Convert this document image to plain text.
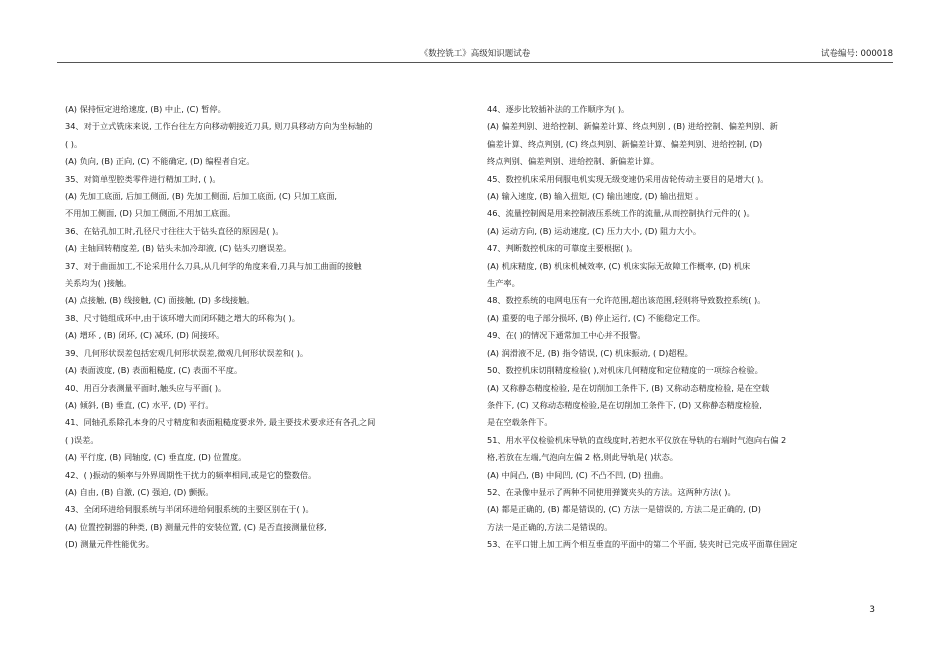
《数控铣工》高级知识题试卷	试卷编号: 000018
(A) 保持恒定进给速度, (B) 中止, (C) 暂停。
34、对于立式铣床来说, 工作台往左方向移动朝接近刀具, 则刀具移动方向为坐标轴的
( )。
(A) 负向, (B) 正向, (C) 不能确定, (D) 编程者自定。
35、对简单型腔类零件进行精加工时, ( )。
(A) 先加工底面, 后加工侧面, (B) 先加工侧面, 后加工底面, (C) 只加工底面,
不用加工侧面, (D) 只加工侧面,不用加工底面。
36、在钻孔加工时,孔径尺寸往往大于钻头直径的原因是( )。
(A) 主轴回转精度差, (B) 钻头未加冷却液, (C) 钻头刃磨误差。
37、对于曲面加工,不论采用什么刀具,从几何学的角度来看,刀具与加工曲面的接触
关系均为( )接触。
(A) 点接触, (B) 线接触, (C) 面接触, (D) 多线接触。
38、尺寸链组成环中,由于该环增大而闭环随之增大的环称为( )。
(A) 增环 , (B) 闭环, (C) 减环, (D) 间接环。
39、几何形状误差包括宏观几何形状误差,微观几何形状误差和( )。
(A) 表面波度, (B) 表面粗糙度, (C) 表面不平度。
40、用百分表测量平面时,触头应与平面( )。
(A) 倾斜, (B) 垂直, (C) 水平, (D) 平行。
41、同轴孔系除孔本身的尺寸精度和表面粗糙度要求外, 最主要技术要求还有各孔之间
( )误差。
(A) 平行度, (B) 同轴度, (C) 垂直度, (D) 位置度。
42、( )振动的频率与外界周期性干扰力的频率相同,或是它的整数倍。
(A) 自由, (B) 自激, (C) 强迫, (D) 颤振。
43、全闭环进给伺服系统与半闭环进给伺服系统的主要区别在于( )。
(A) 位置控制器的种类, (B) 测量元件的安装位置, (C) 是否直接测量位移,
(D) 测量元件性能优劣。
44、逐步比较插补法的工作顺序为( )。
(A) 偏差判别、进给控制、新偏差计算、终点判别 , (B) 进给控制、偏差判别、新
偏差计算、终点判别, (C) 终点判别、新偏差计算、偏差判别、进给控制, (D)
终点判别、偏差判别、进给控制、新偏差计算。
45、数控机床采用伺服电机实现无级变速仍采用齿轮传动主要目的是增大( )。
(A) 输入速度, (B) 输入扭矩, (C) 输出速度, (D) 输出扭矩 。
46、流量控制阀是用来控制液压系统工作的流量,从而控制执行元件的( )。
(A) 运动方向, (B) 运动速度, (C) 压力大小, (D) 阻力大小。
47、判断数控机床的可靠度主要根据( )。
(A) 机床精度, (B) 机床机械效率, (C) 机床实际无故障工作概率, (D) 机床
生产率。
48、数控系统的电网电压有一允许范围,超出该范围,轻则将导致数控系统( )。
(A) 重要的电子部分损坏, (B) 停止运行, (C) 不能稳定工作。
49、在( )的情况下通常加工中心并不报警。
(A) 润滑液不足, (B) 指令错误, (C) 机床振动, ( D)超程。
50、数控机床切削精度检验( ),对机床几何精度和定位精度的一项综合检验。
(A) 又称静态精度检验, 是在切削加工条件下, (B) 又称动态精度检验, 是在空载
条件下, (C) 又称动态精度检验,是在切削加工条件下, (D) 又称静态精度检验,
是在空载条件下。
51、用水平仪检验机床导轨的直线度时,若把水平仪放在导轨的右端时气泡向右偏 2
格,若放在左端,气泡向左偏 2 格,则此导轨是( )状态。
(A) 中间凸, (B) 中间凹, (C) 不凸不凹, (D) 扭曲。
52、在录像中显示了两种不同使用弹簧夹头的方法。这两种方法( )。
(A) 都是正确的, (B) 都是错误的, (C) 方法一是错误的, 方法二是正确的, (D)
方法一是正确的,方法二是错误的。
53、在平口钳上加工两个相互垂直的平面中的第二个平面, 装夹时已完成平面靠住固定
3
